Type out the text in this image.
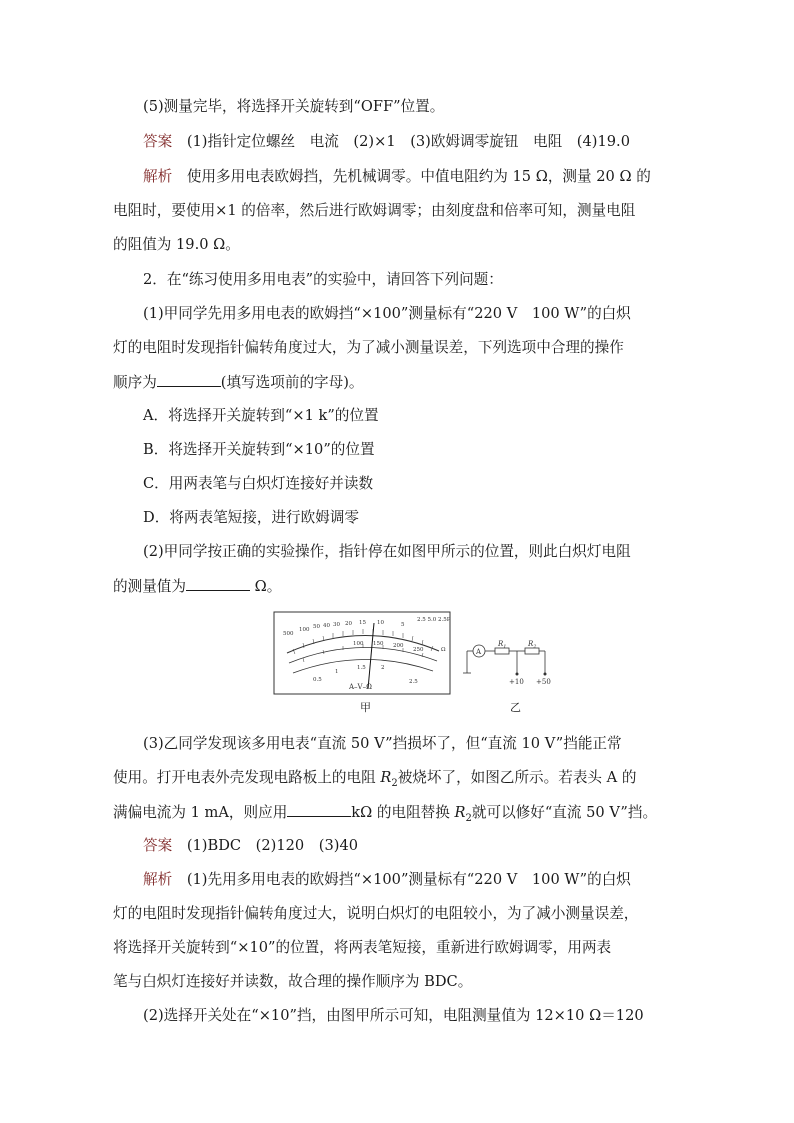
(5)测量完毕，将选择开关旋转到“OFF”位置。
答案　 (1)指针定位螺丝　电流　(2)×1　(3)欧姆调零旋钮　电阻　(4)19.0
解析　 使用多用电表欧姆挡，先机械调零。中值电阻约为 15 Ω，测量 20 Ω 的
电阻时，要使用×1 的倍率，然后进行欧姆调零；由刻度盘和倍率可知，测量电阻
的阻值为 19.0 Ω。
2．在“练习使用多用电表”的实验中，请回答下列问题：
(1)甲同学先用多用电表的欧姆挡“×100”测量标有“220 V　100 W”的白炽
灯的电阻时发现指针偏转角度过大，为了减小测量误差，下列选项中合理的操作
顺序为	(填写选项前的字母)。
A．将选择开关旋转到“×1 k”的位置
B．将选择开关旋转到“×10”的位置
C．用两表笔与白炽灯连接好并读数
D．将两表笔短接，进行欧姆调零
(2)甲同学按正确的实验操作，指针停在如图甲所示的位置，则此白炽灯电阻
的测量值为	Ω。
500
100 50 40 30 20 15 10	5
2.5 5.0 2.5P
100 150 200
250
0.5
1
1.5	2
2.5
Ω
A–V–Ω
A
$R_1$	$R_2$
+10 +50
甲	乙
(3)乙同学发现该多用电表“直流 50 V”挡损坏了，但“直流 10 V”挡能正常
使用。打开电表外壳发现电路板上的电阻 $R_2$被烧坏了，如图乙所示。若表头 A 的
满偏电流为 1 mA，则应用	kΩ 的电阻替换 $R_2$就可以修好“直流 50 V”挡。
答案　 (1)BDC　(2)120　(3)40
解析　 (1)先用多用电表的欧姆挡“×100”测量标有“220 V　100 W”的白炽
灯的电阻时发现指针偏转角度过大，说明白炽灯的电阻较小，为了减小测量误差，
将选择开关旋转到“×10”的位置，将两表笔短接，重新进行欧姆调零，用两表
笔与白炽灯连接好并读数，故合理的操作顺序为 BDC。
(2)选择开关处在“×10”挡，由图甲所示可知，电阻测量值为 12×10 Ω＝120
